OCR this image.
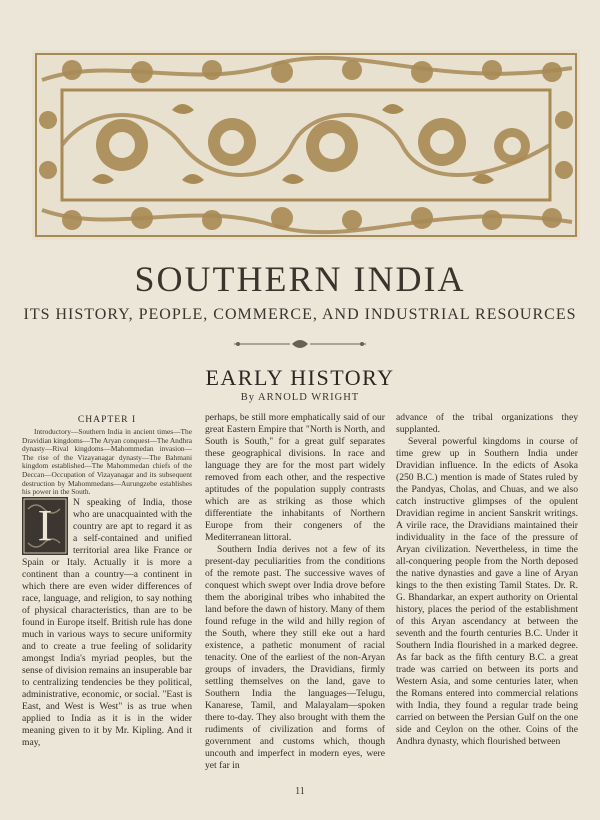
SOUTHERN INDIA
ITS HISTORY, PEOPLE, COMMERCE, AND INDUSTRIAL RESOURCES
EARLY HISTORY
By ARNOLD WRIGHT
CHAPTER I

Introductory—Southern India in ancient times—The Dravidian kingdoms—The Aryan conquest—The Andhra dynasty—Rival kingdoms—Mahommedan invasion—The rise of the Vizayanagar dynasty—The Bahmani kingdom established—The Mahommedan chiefs of the Deccan—Occupation of Vizayanagar and its subsequent destruction by Mahommedans—Aurungzebe establishes his power in the South.

I	N speaking of India, those who are unacquainted with the country are apt to regard it as a self-contained and unified territorial area like France or Spain or Italy. Actually it is more a continent than a country—a continent in which there are even wider differences of race, language, and religion, to say nothing of physical characteristics, than are to be found in Europe itself. British rule has done much in various ways to secure uniformity and to create a true feeling of solidarity amongst India's myriad peoples, but the sense of division remains an insuperable bar to centralizing tendencies be they political, administrative, economic, or social. "East is East, and West is West" is as true when applied to India as it is in the wider meaning given to it by Mr. Kipling. And it may,

perhaps, be still more emphatically said of our great Eastern Empire that "North is North, and South is South," for a great gulf separates these geographical divisions. In race and language they are for the most part widely removed from each other, and the respective aptitudes of the population supply contrasts which are as striking as those which differentiate the inhabitants of Northern Europe from their congeners of the Mediterranean littoral.

Southern India derives not a few of its present-day peculiarities from the conditions of the remote past. The successive waves of conquest which swept over India drove before them the aboriginal tribes who inhabited the land before the dawn of history. Many of them found refuge in the wild and hilly region of the South, where they still eke out a hard existence, a pathetic monument of racial tenacity. One of the earliest of the non-Aryan groups of invaders, the Dravidians, firmly settling themselves on the land, gave to Southern India the languages—Telugu, Kanarese, Tamil, and Malayalam—spoken there to-day. They also brought with them the rudiments of civilization and forms of government and customs which, though uncouth and imperfect in modern eyes, were yet far in

advance of the tribal organizations they supplanted.

Several powerful kingdoms in course of time grew up in Southern India under Dravidian influence. In the edicts of Asoka (250 B.C.) mention is made of States ruled by the Pandyas, Cholas, and Chuas, and we also catch instructive glimpses of the opulent Dravidian regime in ancient Sanskrit writings. A virile race, the Dravidians maintained their individuality in the face of the pressure of Aryan civilization. Nevertheless, in time the all-conquering people from the North deposed the native dynasties and gave a line of Aryan kings to the then existing Tamil States. Dr. R. G. Bhandarkar, an expert authority on Oriental history, places the period of the establishment of this Aryan ascendancy at between the seventh and the fourth centuries B.C. Under it Southern India flourished in a marked degree. As far back as the fifth century B.C. a great trade was carried on between its ports and Western Asia, and some centuries later, when the Romans entered into commercial relations with India, they found a regular trade being carried on between the Persian Gulf on the one side and Ceylon on the other. Coins of the Andhra dynasty, which flourished between

11
